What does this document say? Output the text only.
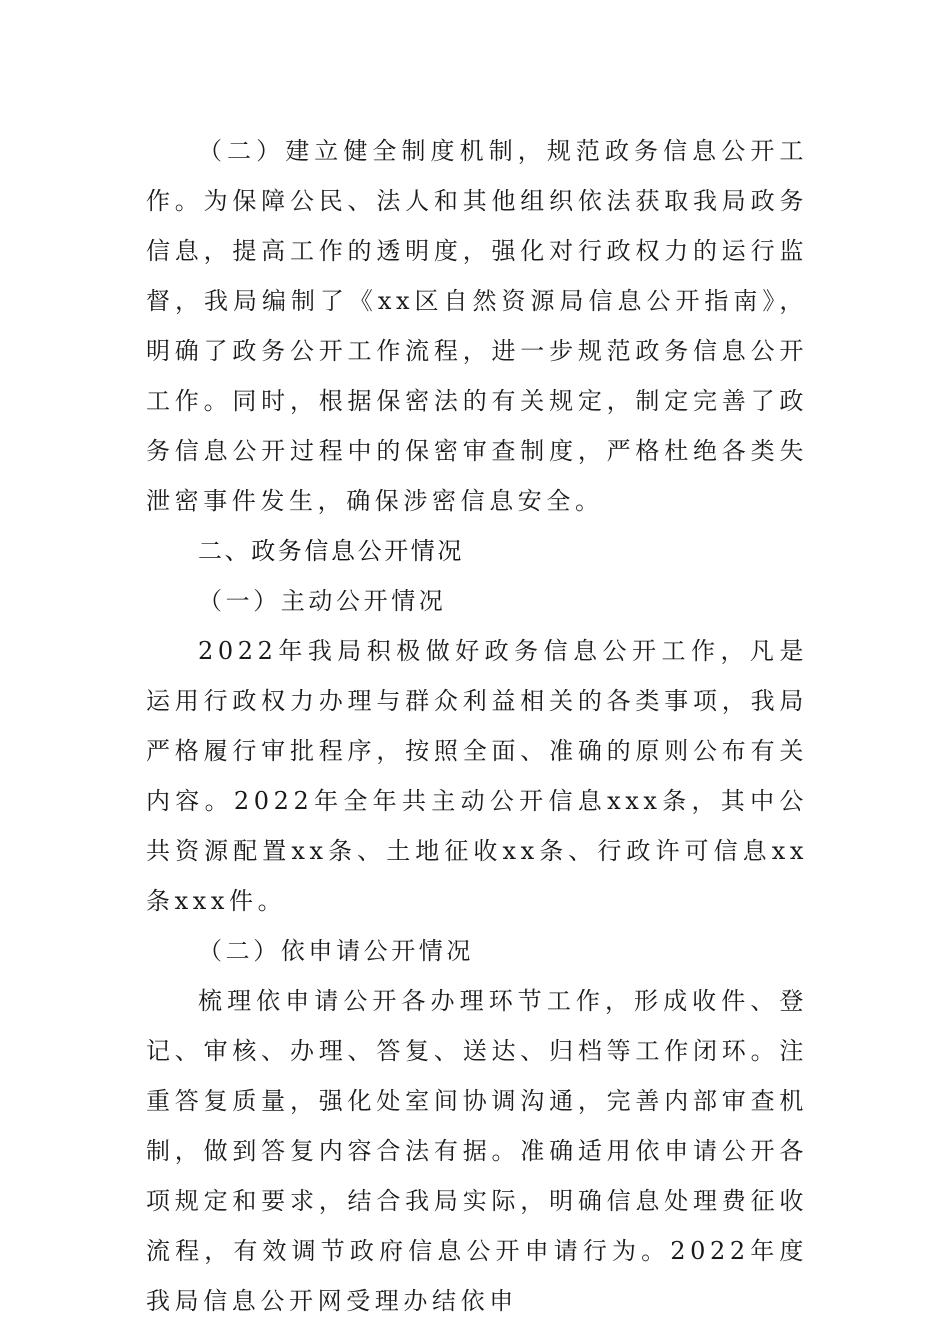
（二）建立健全制度机制，规范政务信息公开工作。为保障公民、法人和其他组织依法获取我局政务信息，提高工作的透明度，强化对行政权力的运行监督，我局编制了《xx区自然资源局信息公开指南》，明确了政务公开工作流程，进一步规范政务信息公开工作。同时，根据保密法的有关规定，制定完善了政务信息公开过程中的保密审查制度，严格杜绝各类失泄密事件发生，确保涉密信息安全。

二、政务信息公开情况

（一）主动公开情况

2022年我局积极做好政务信息公开工作，凡是运用行政权力办理与群众利益相关的各类事项，我局严格履行审批程序，按照全面、准确的原则公布有关内容。2022年全年共主动公开信息xxx条，其中公共资源配置xx条、土地征收xx条、行政许可信息xx条xxx件。

（二）依申请公开情况

梳理依申请公开各办理环节工作，形成收件、登记、审核、办理、答复、送达、归档等工作闭环。注重答复质量，强化处室间协调沟通，完善内部审查机制，做到答复内容合法有据。准确适用依申请公开各项规定和要求，结合我局实际，明确信息处理费征收流程，有效调节政府信息公开申请行为。2022年度我局信息公开网受理办结依申
